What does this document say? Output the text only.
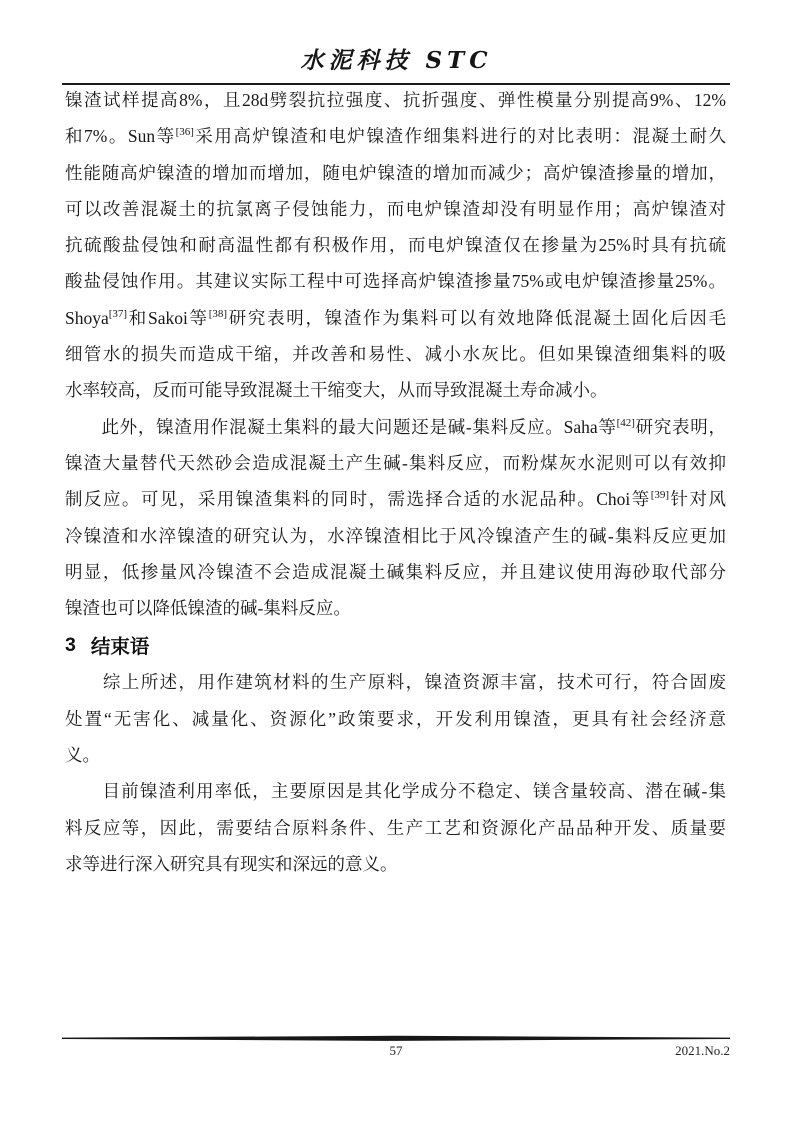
水泥科技 STC
镍渣试样提高8%，且28d劈裂抗拉强度、抗折强度、弹性模量分别提高9%、12%
和7%。Sun等[36]采用高炉镍渣和电炉镍渣作细集料进行的对比表明：混凝土耐久
性能随高炉镍渣的增加而增加，随电炉镍渣的增加而减少；高炉镍渣掺量的增加，
可以改善混凝土的抗氯离子侵蚀能力，而电炉镍渣却没有明显作用；高炉镍渣对
抗硫酸盐侵蚀和耐高温性都有积极作用，而电炉镍渣仅在掺量为25%时具有抗硫
酸盐侵蚀作用。其建议实际工程中可选择高炉镍渣掺量75%或电炉镍渣掺量25%。
Shoya[37]和Sakoi等[38]研究表明，镍渣作为集料可以有效地降低混凝土固化后因毛
细管水的损失而造成干缩，并改善和易性、减小水灰比。但如果镍渣细集料的吸
水率较高，反而可能导致混凝土干缩变大，从而导致混凝土寿命减小。
　　此外，镍渣用作混凝土集料的最大问题还是碱-集料反应。Saha等[42]研究表明，
镍渣大量替代天然砂会造成混凝土产生碱-集料反应，而粉煤灰水泥则可以有效抑
制反应。可见，采用镍渣集料的同时，需选择合适的水泥品种。Choi等[39]针对风
冷镍渣和水淬镍渣的研究认为，水淬镍渣相比于风冷镍渣产生的碱-集料反应更加
明显，低掺量风冷镍渣不会造成混凝土碱集料反应，并且建议使用海砂取代部分
镍渣也可以降低镍渣的碱-集料反应。
3 结束语
　　综上所述，用作建筑材料的生产原料，镍渣资源丰富，技术可行，符合固废
处置“无害化、减量化、资源化”政策要求，开发利用镍渣，更具有社会经济意
义。
　　目前镍渣利用率低，主要原因是其化学成分不稳定、镁含量较高、潜在碱-集
料反应等，因此，需要结合原料条件、生产工艺和资源化产品品种开发、质量要
求等进行深入研究具有现实和深远的意义。
57	2021.No.2
